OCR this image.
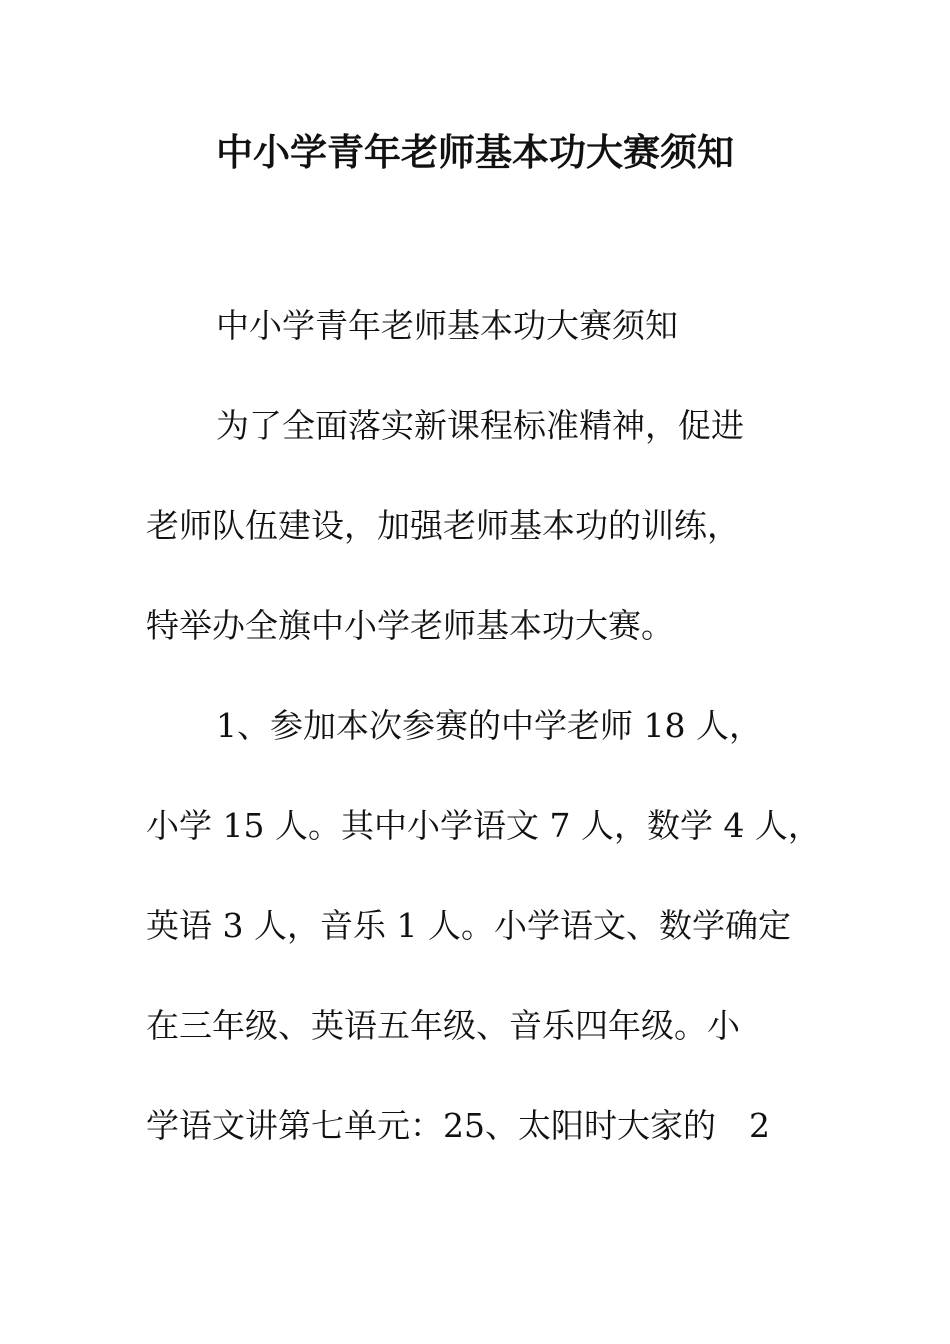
中小学青年老师基本功大赛须知

中小学青年老师基本功大赛须知

为了全面落实新课程标准精神，促进

老师队伍建设，加强老师基本功的训练，

特举办全旗中小学老师基本功大赛。

1、参加本次参赛的中学老师 18 人，

小学 15 人。其中小学语文 7 人，数学 4 人，

英语 3 人，音乐 1 人。小学语文、数学确定

在三年级、英语五年级、音乐四年级。小

学语文讲第七单元：25、太阳时大家的　2
